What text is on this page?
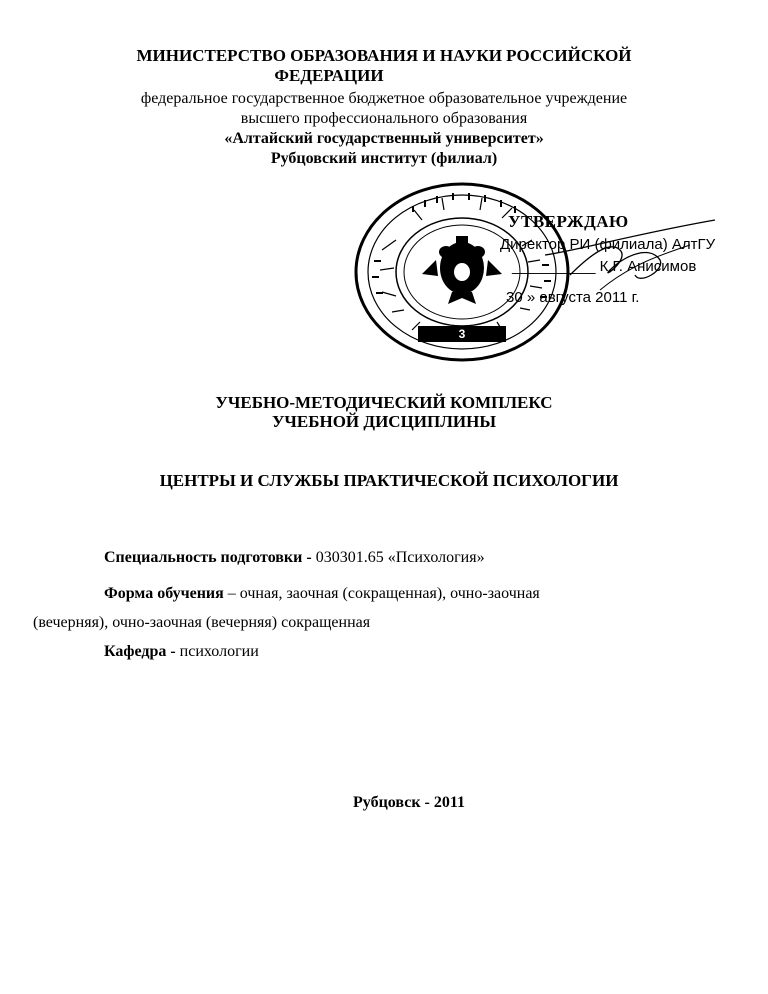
МИНИСТЕРСТВО ОБРАЗОВАНИЯ И НАУКИ РОССИЙСКОЙ
ФЕДЕРАЦИИ
федеральное государственное бюджетное образовательное учреждение
высшего профессионального образования
«Алтайский государственный университет»
Рубцовский институт (филиал)
3
УТВЕРЖДАЮ
Директор РИ (филиала) АлтГУ
__________ К.Г. Анисимов
30 » августа 2011 г.
УЧЕБНО-МЕТОДИЧЕСКИЙ КОМПЛЕКС
УЧЕБНОЙ ДИСЦИПЛИНЫ
ЦЕНТРЫ И СЛУЖБЫ ПРАКТИЧЕСКОЙ ПСИХОЛОГИИ
Специальность подготовки - 030301.65 «Психология»
Форма обучения – очная, заочная (сокращенная), очно-заочная
(вечерняя), очно-заочная (вечерняя) сокращенная
Кафедра - психологии
Рубцовск - 2011
